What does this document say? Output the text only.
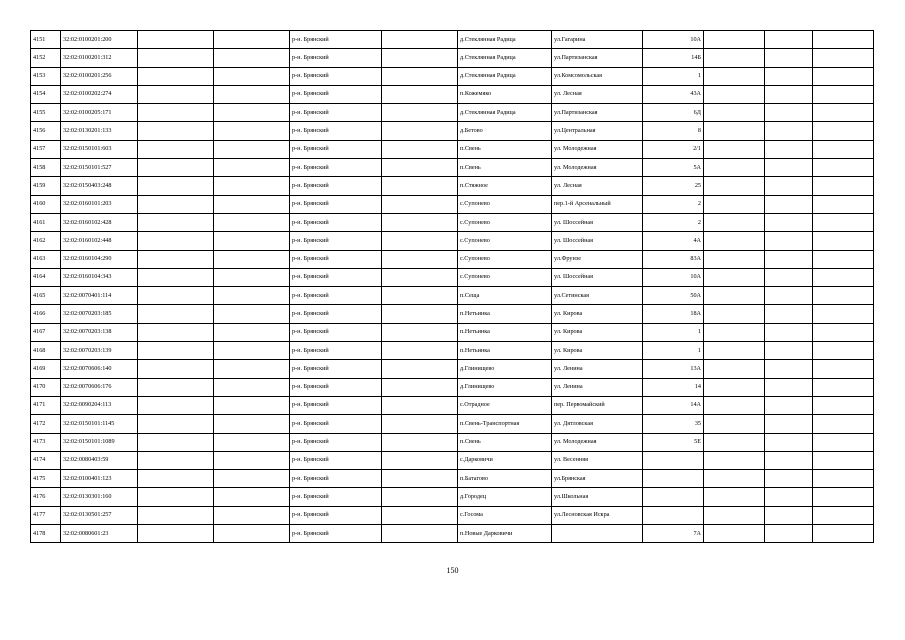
4151	32:02:0100201:200			р-н. Брянский		д.Стеклянная Радица	ул.Гагарина	10А			
4152	32:02:0100201:312			р-н. Брянский		д.Стеклянная Радица	ул.Партизанская	14Б			
4153	32:02:0100201:256			р-н. Брянский		д.Стеклянная Радица	ул.Комсомольская	1			
4154	32:02:0100202:274			р-н. Брянский		п.Кожемяко	ул. Лесная	43А			
4155	32:02:0100205:171			р-н. Брянский		д.Стеклянная Радица	ул.Партизанская	6Д			
4156	32:02:0130201:133			р-н. Брянский		д.Бетово	ул.Центральная	8			
4157	32:02:0150101:603			р-н. Брянский		п.Свень	ул. Молодежная	2/1			
4158	32:02:0150101:527			р-н. Брянский		п.Свень	ул. Молодежная	5А			
4159	32:02:0150403:248			р-н. Брянский		п.Стяжное	ул. Лесная	25			
4160	32:02:0160101:203			р-н. Брянский		с.Супонево	пер.1-й Арсенальный	2			
4161	32:02:0160102:428			р-н. Брянский		с.Супонево	ул. Шоссейная	2			
4162	32:02:0160102:448			р-н. Брянский		с.Супонево	ул. Шоссейная	4А			
4163	32:02:0160104:290			р-н. Брянский		с.Супонево	ул.Фрунзе	83А			
4164	32:02:0160104:343			р-н. Брянский		с.Супонево	ул. Шоссейная	10А			
4165	32:02:0070401:114			р-н. Брянский		п.Сеща	ул.Сетинская	50А			
4166	32:02:0070203:185			р-н. Брянский		п.Нетьинка	ул. Кирова	18А			
4167	32:02:0070203:138			р-н. Брянский		п.Нетьинка	ул. Кирова	1			
4168	32:02:0070203:139			р-н. Брянский		п.Нетьинка	ул. Кирова	1			
4169	32:02:0070606:140			р-н. Брянский		д.Глинищево	ул. Ленина	13А			
4170	32:02:0070606:176			р-н. Брянский		д.Глинищево	ул. Ленина	14			
4171	32:02:0090204:113			р-н. Брянский		с.Отрадное	пер. Первомайский	14А			
4172	32:02:0150101:1145			р-н. Брянский		п.Свень-Транспортная	ул. Дятловская	35			
4173	32:02:0150101:1089			р-н. Брянский		п.Свень	ул. Молодежная	5Е			
4174	32:02:0080403:59			р-н. Брянский		с.Дарковичи	ул. Весенняя				
4175	32:02:0100401:123			р-н. Брянский		п.Батагово	ул.Брянская				
4176	32:02:0130301:160			р-н. Брянский		д.Городец	ул.Школьная				
4177	32:02:0130501:257			р-н. Брянский		с.Госома	ул.Лесновская Искра				
4178	32:02:0080601:23			р-н. Брянский		п.Новые Дарковичи		7А			
150
